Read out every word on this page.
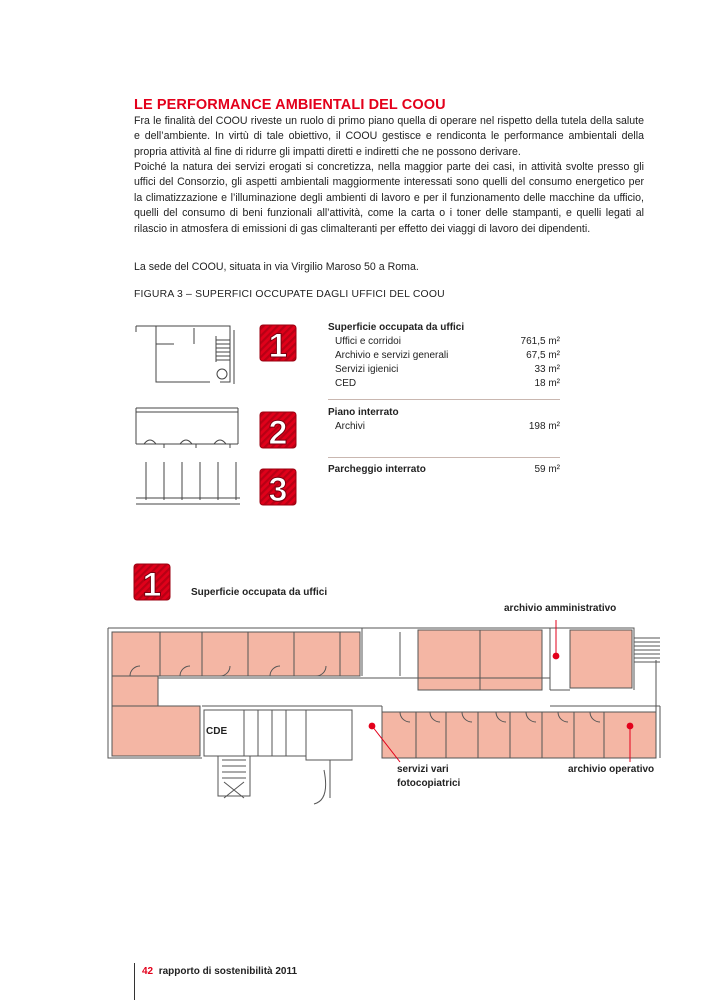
LE PERFORMANCE AMBIENTALI DEL COOU
Fra le finalità del COOU riveste un ruolo di primo piano quella di operare nel rispetto della tutela della salute e dell’ambiente. In virtù di tale obiettivo, il COOU gestisce e rendiconta le performance ambientali della propria attività al fine di ridurre gli impatti diretti e indiretti che ne possono derivare.
Poiché la natura dei servizi erogati si concretizza, nella maggior parte dei casi, in attività svolte presso gli uffici del Consorzio, gli aspetti ambientali maggiormente interessati sono quelli del consumo energetico per la climatizzazione e l’illuminazione degli ambienti di lavoro e per il funzionamento delle macchine da ufficio, quelli del consumo di beni funzionali all’attività, come la carta o i toner delle stampanti, e quelli legati al rilascio in atmosfera di emissioni di gas climalteranti per effetto dei viaggi di lavoro dei dipendenti.
La sede del COOU, situata in via Virgilio Maroso 50 a Roma.
FIGURA 3 – SUPERFICI OCCUPATE DAGLI UFFICI DEL COOU
1
2
3
Superficie occupata da uffici
Uffici e corridoi	761,5 m²
Archivio e servizi generali	67,5 m²
Servizi igienici	33 m²
CED	18 m²
Piano interrato
Archivi	198 m²
Parcheggio interrato	59 m²
1	Superficie occupata da uffici
archivio amministrativo
CDE
servizi vari
fotocopiatrici
archivio operativo
42 rapporto di sostenibilità 2011
